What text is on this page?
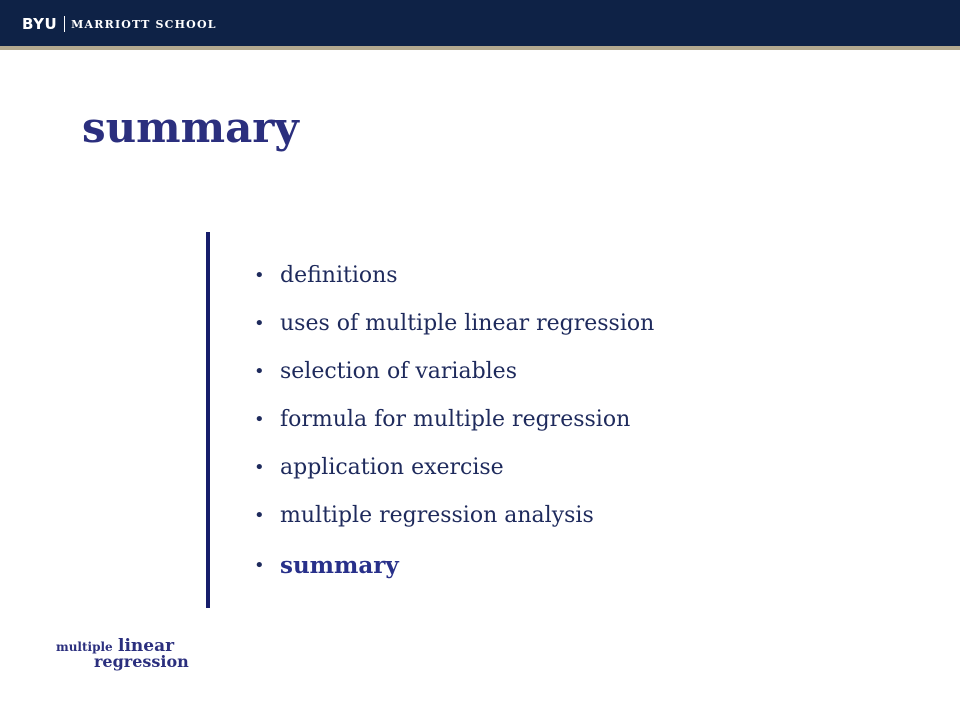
BYU MARRIOTT SCHOOL
summary
• definitions
• uses of multiple linear regression
• selection of variables
• formula for multiple regression
• application exercise
• multiple regression analysis
• summary
multiple linear
regression
